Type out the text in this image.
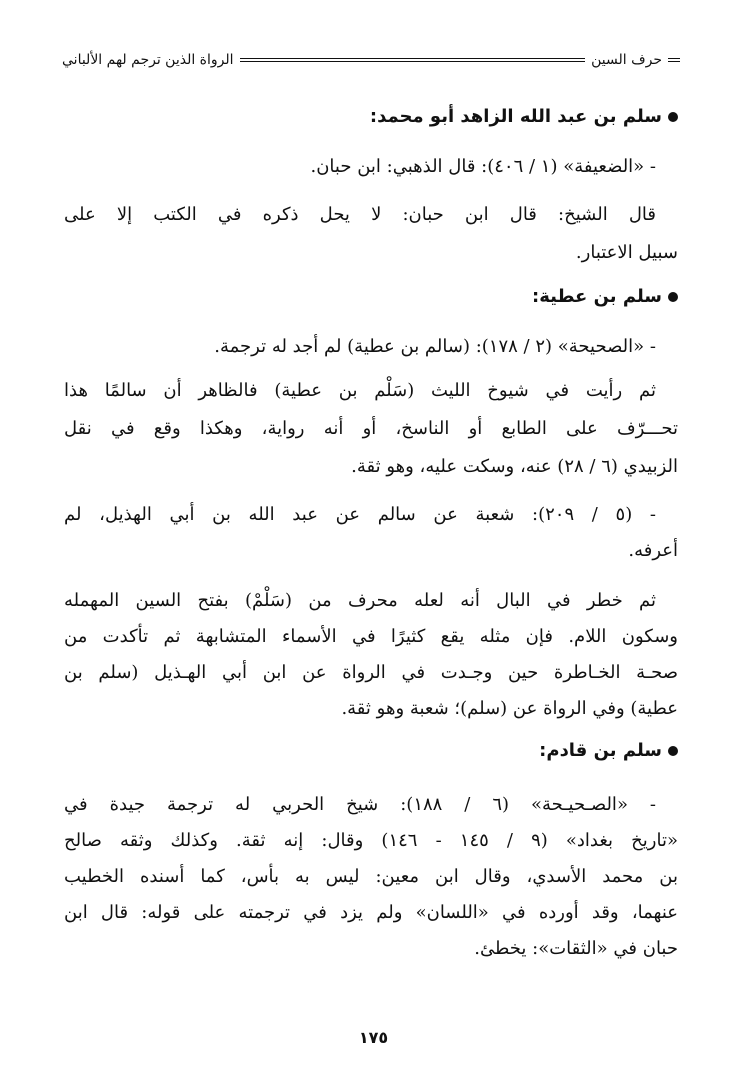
حرف السين
الرواة الذين ترجم لهم الألباني
سلم بن عبد الله الزاهد أبو محمد:
- «الضعيفة» (١ / ٤٠٦): قال الذهبي: ابن حبان.
قال الشيخ: قال ابن حبان: لا يحل ذكره في الكتب إلا على
سبيل الاعتبار.
سلم بن عطية:
- «الصحيحة» (٢ / ١٧٨): (سالم بن عطية) لم أجد له ترجمة.
ثم رأيت في شيوخ الليث (سَلْم بن عطية) فالظاهر أن سالمًا هذا
تحـــرّف على الطابع أو الناسخ، أو أنه رواية، وهكذا وقع في نقل
الزبيدي (٦ / ٢٨) عنه، وسكت عليه، وهو ثقة.
- (٥ / ٢٠٩): شعبة عن سالم عن عبد الله بن أبي الهذيل، لم
أعرفه.
ثم خطر في البال أنه لعله محرف من (سَلْمْ) بفتح السين المهمله
وسكون اللام. فإن مثله يقع كثيرًا في الأسماء المتشابهة ثم تأكدت من
صحـة الخـاطرة حين وجـدت في الرواة عن ابن أبي الهـذيل (سلم بن
عطية) وفي الرواة عن (سلم)؛ شعبة وهو ثقة.
سلم بن قادم:
- «الصـحيـحة» (٦ / ١٨٨): شيخ الحربي له ترجمة جيدة في
«تاريخ بغداد» (٩ / ١٤٥ - ١٤٦) وقال: إنه ثقة. وكذلك وثقه صالح
بن محمد الأسدي، وقال ابن معين: ليس به بأس، كما أسنده الخطيب
عنهما، وقد أورده في «اللسان» ولم يزد في ترجمته على قوله: قال ابن
حبان في «الثقات»: يخطئ.
١٧٥
